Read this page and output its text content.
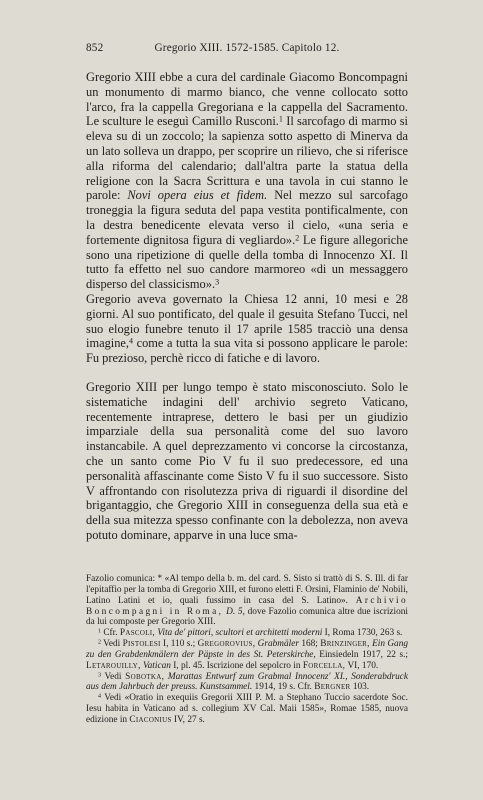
852	Gregorio XIII. 1572-1585. Capitolo 12.

Gregorio XIII ebbe a cura del cardinale Giacomo Boncompagni un monumento di marmo bianco, che venne collocato sotto l'arco, fra la cappella Gregoriana e la cappella del Sacramento. Le sculture le eseguì Camillo Rusconi.$^1$ Il sarcofago di marmo si eleva su di un zoccolo; la sapienza sotto aspetto di Minerva da un lato solleva un drappo, per scoprire un rilievo, che si riferisce alla riforma del calendario; dall'altra parte la statua della religione con la Sacra Scrittura e una tavola in cui stanno le parole: Novi opera eius et fidem. Nel mezzo sul sarcofago troneggia la figura seduta del papa vestita pontificalmente, con la destra benedicente elevata verso il cielo, «una seria e fortemente dignitosa figura di vegliardo».$^2$ Le figure allegoriche sono una ripetizione di quelle della tomba di Innocenzo XI. Il tutto fa effetto nel suo candore marmoreo «di un messaggero disperso del classicismo».$^3$

Gregorio aveva governato la Chiesa 12 anni, 10 mesi e 28 giorni. Al suo pontificato, del quale il gesuita Stefano Tucci, nel suo elogio funebre tenuto il 17 aprile 1585 tracciò una densa imagine,$^4$ come a tutta la sua vita si possono applicare le parole: Fu prezioso, perchè ricco di fatiche e di lavoro.

Gregorio XIII per lungo tempo è stato misconosciuto. Solo le sistematiche indagini dell' archivio segreto Vaticano, recentemente intraprese, dettero le basi per un giudizio imparziale della sua personalità come del suo lavoro instancabile. A quel deprezzamento vi concorse la circostanza, che un santo come Pio V fu il suo predecessore, ed una personalità affascinante come Sisto V fu il suo successore. Sisto V affrontando con risolutezza priva di riguardi il disordine del brigantaggio, che Gregorio XIII in conseguenza della sua età e della sua mitezza spesso confinante con la debolezza, non aveva potuto dominare, apparve in una luce sma-

Fazolio comunica: * «Al tempo della b. m. del card. S. Sisto si trattò di S. S. Ill. di far l'epitaffio per la tomba di Gregorio XIII, et furono eletti F. Orsini, Flaminio de' Nobili, Latino Latini et io, quali fussimo in casa del S. Latino». Archivio Boncompagni in Roma, D. 5, dove Fazolio comunica altre due iscrizioni da lui composte per Gregorio XIII.

$^1$ Cfr. Pascoli, Vita de' pittori, scultori et architetti moderni I, Roma 1730, 263 s.

$^2$ Vedi Pistolesi I, 110 s.; Gregorovius, Grabmäler 168; Brinzinger, Ein Gang zu den Grabdenkmälern der Päpste in des St. Peterskirche, Einsiedeln 1917, 22 s.; Letarouilly, Vatican I, pl. 45. Iscrizione del sepolcro in Forcella, VI, 170.

$^3$ Vedi Sobotka, Marattas Entwurf zum Grabmal Innocenz' XI., Sonderabdruck aus dem Jahrbuch der preuss. Kunstsammel. 1914, 19 s. Cfr. Bergner 103.

$^4$ Vedi «Oratio in exequiis Gregorii XIII P. M. a Stephano Tuccio sacerdote Soc. Iesu habita in Vaticano ad s. collegium XV Cal. Maii 1585», Romae 1585, nuova edizione in Ciaconius IV, 27 s.
